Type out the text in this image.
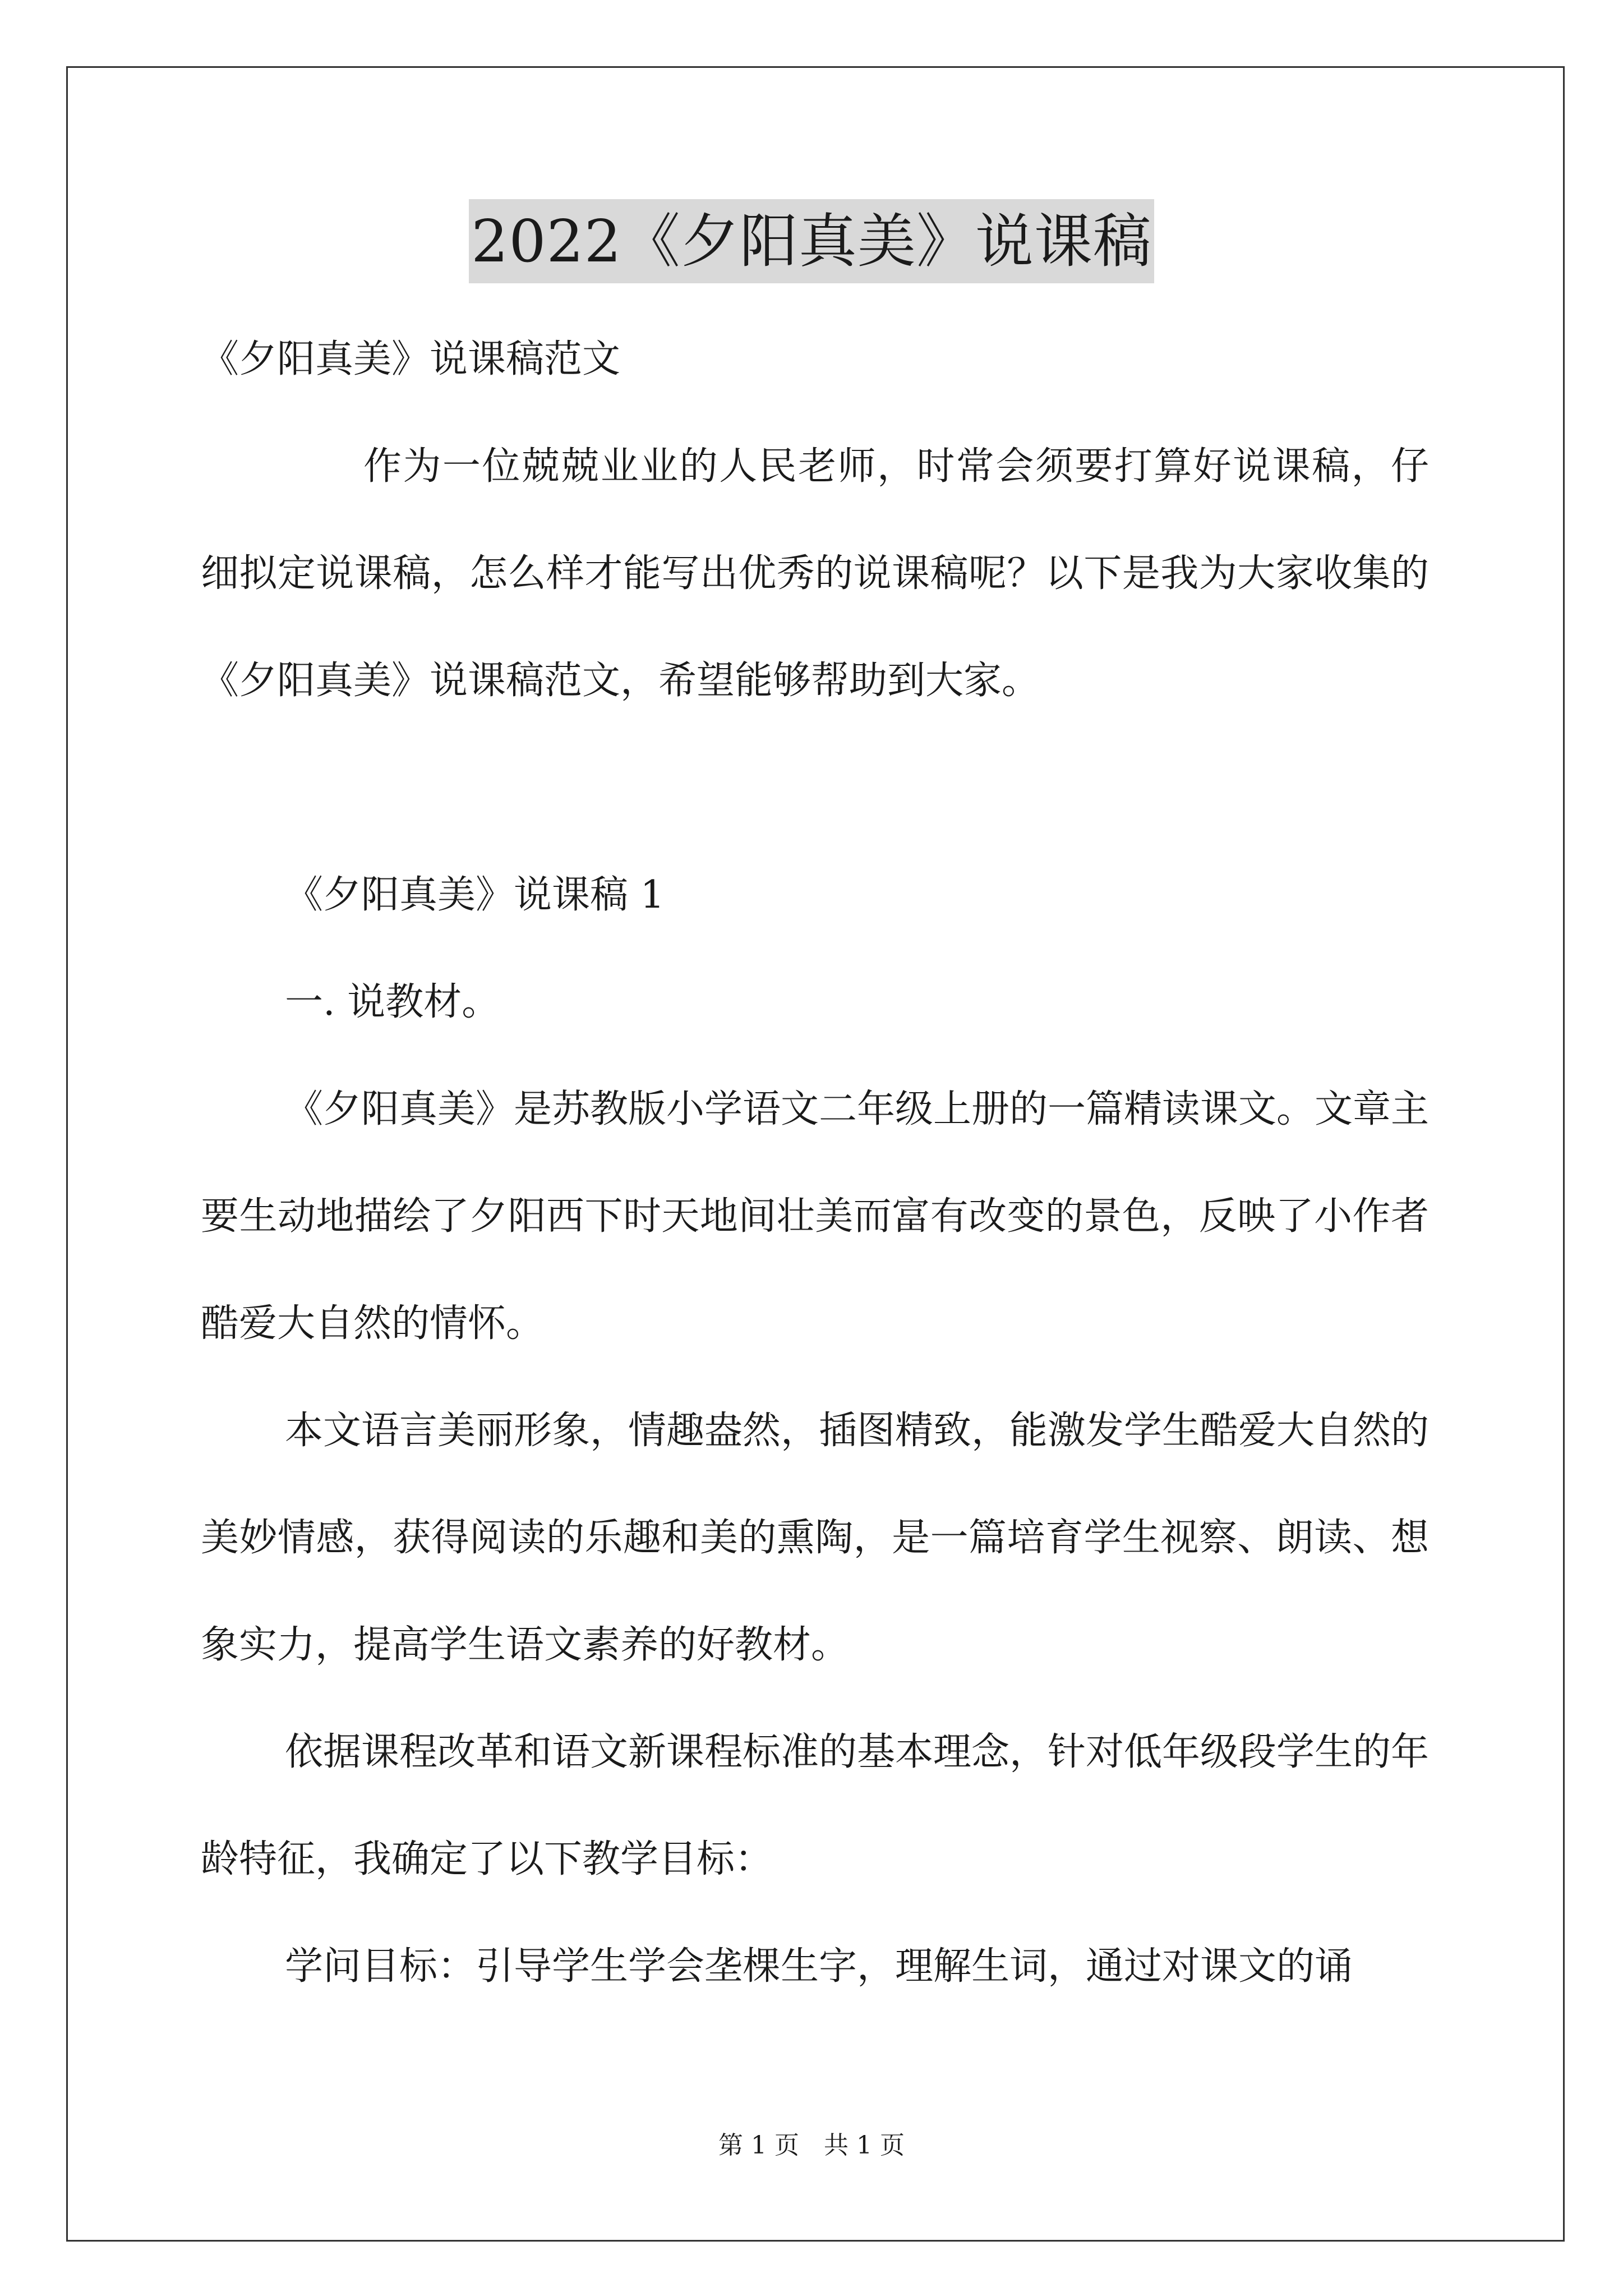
2022《夕阳真美》说课稿

《夕阳真美》说课稿范文

作为一位兢兢业业的人民老师，时常会须要打算好说课稿，仔细拟定说课稿，怎么样才能写出优秀的说课稿呢？以下是我为大家收集的《夕阳真美》说课稿范文，希望能够帮助到大家。

《夕阳真美》说课稿 1

一. 说教材。

《夕阳真美》是苏教版小学语文二年级上册的一篇精读课文。文章主要生动地描绘了夕阳西下时天地间壮美而富有改变的景色，反映了小作者酷爱大自然的情怀。

本文语言美丽形象，情趣盎然，插图精致，能激发学生酷爱大自然的美妙情感，获得阅读的乐趣和美的熏陶，是一篇培育学生视察、朗读、想象实力，提高学生语文素养的好教材。

依据课程改革和语文新课程标准的基本理念，针对低年级段学生的年龄特征，我确定了以下教学目标：

学问目标：引导学生学会垄棵生字，理解生词，通过对课文的诵

第 1 页　共 1 页
